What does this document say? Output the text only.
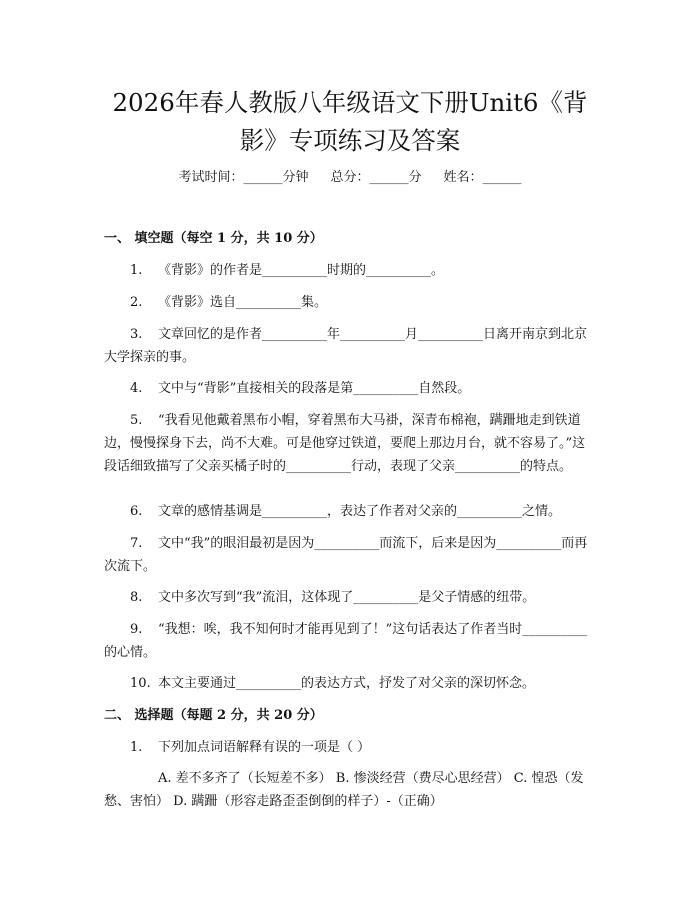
2026年春人教版八年级语文下册Unit6《背
影》专项练习及答案
考试时间：______分钟 总分：______分 姓名：______
一、 填空题（每空 1 分，共 10 分）
1. 《背影》的作者是__________时期的__________。
2. 《背影》选自__________集。
3. 文章回忆的是作者__________年__________月__________日离开南京到北京大学探亲的事。
4. 文中与“背影”直接相关的段落是第__________自然段。
5. “我看见他戴着黑布小帽，穿着黑布大马褂，深青布棉袍，蹒跚地走到铁道边，慢慢探身下去，尚不大难。可是他穿过铁道，要爬上那边月台，就不容易了。”这段话细致描写了父亲买橘子时的__________行动，表现了父亲__________的特点。
6. 文章的感情基调是__________，表达了作者对父亲的__________之情。
7. 文中“我”的眼泪最初是因为__________而流下，后来是因为__________而再次流下。
8. 文中多次写到“我”流泪，这体现了__________是父子情感的纽带。
9. “我想：唉，我不知何时才能再见到了！”这句话表达了作者当时__________的心情。
10. 本文主要通过__________的表达方式，抒发了对父亲的深切怀念。
二、 选择题（每题 2 分，共 20 分）
1. 下列加点词语解释有误的一项是（ ）
A. 差不多齐了（长短差不多） B. 惨淡经营（费尽心思经营） C. 惶恐（发愁、害怕） D. 蹒跚（形容走路歪歪倒倒的样子）-（正确）
